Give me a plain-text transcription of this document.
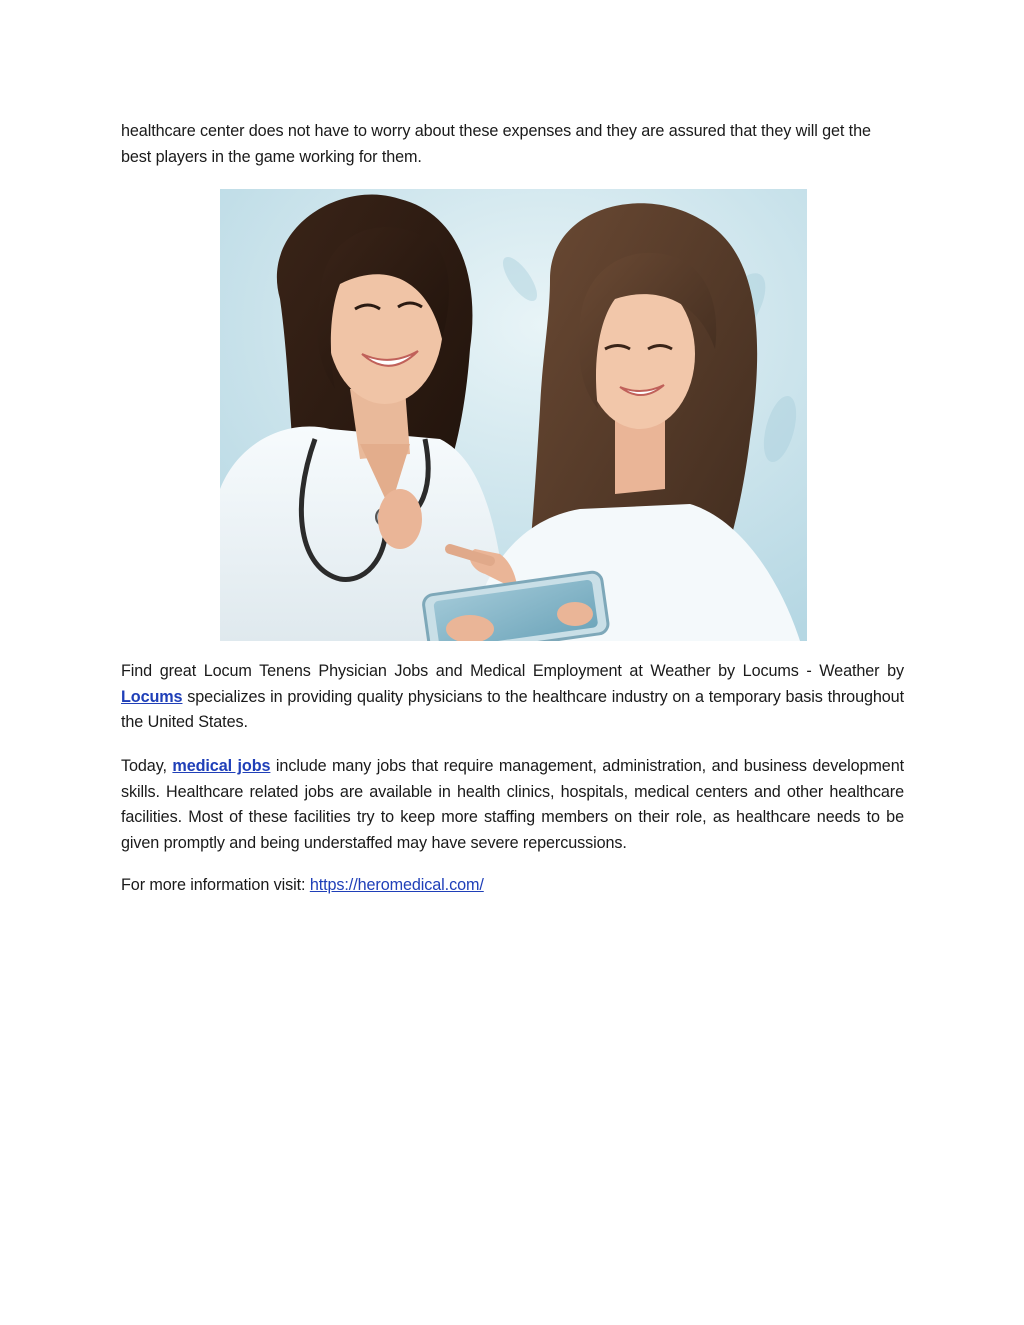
healthcare center does not have to worry about these expenses and they are assured that they will get the best players in the game working for them.

Find great Locum Tenens Physician Jobs and Medical Employment at Weather by Locums - Weather by Locums specializes in providing quality physicians to the healthcare industry on a temporary basis throughout the United States.

Today, medical jobs include many jobs that require management, administration, and business development skills. Healthcare related jobs are available in health clinics, hospitals, medical centers and other healthcare facilities. Most of these facilities try to keep more staffing members on their role, as healthcare needs to be given promptly and being understaffed may have severe repercussions.

For more information visit: https://heromedical.com/
